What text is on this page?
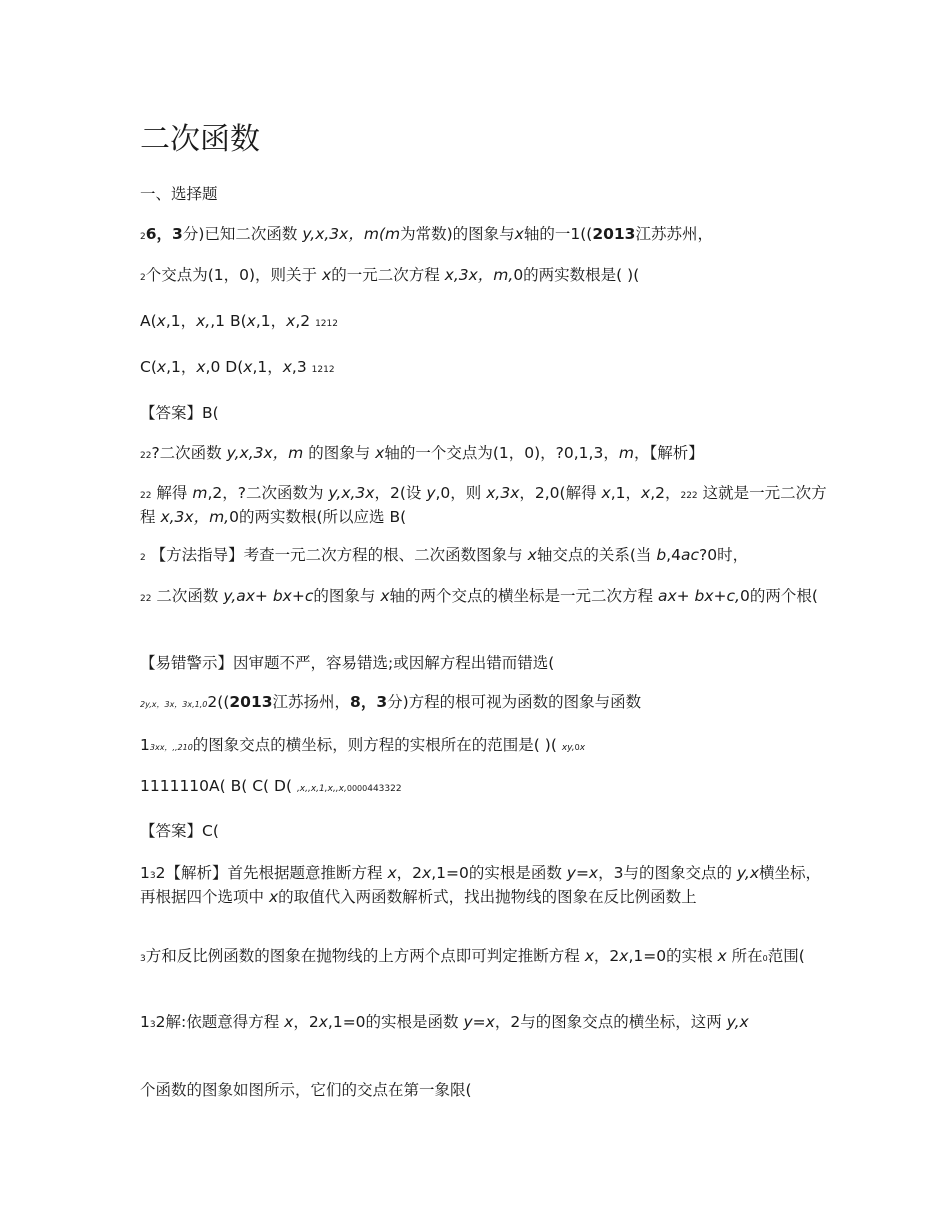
二次函数
一、选择题
26，3分)已知二次函数 y,x,3x，m(m为常数)的图象与x轴的一1((2013江苏苏州，
2个交点为(1，0)，则关于 x的一元二次方程 x,3x，m,0的两实数根是( )(
A(x,1，x,,1 B(x,1，x,2 1212
C(x,1，x,0 D(x,1，x,3 1212
【答案】B(
22?二次函数 y,x,3x，m 的图象与 x轴的一个交点为(1，0)，?0,1,3，m，【解析】
22 解得 m,2，?二次函数为 y,x,3x，2(设 y,0，则 x,3x，2,0(解得 x,1，x,2，222 这就是一元二次方程 x,3x，m,0的两实数根(所以应选 B(
2 【方法指导】考查一元二次方程的根、二次函数图象与 x轴交点的关系(当 b,4ac?0时，
22 二次函数 y,ax+ bx+c的图象与 x轴的两个交点的横坐标是一元二次方程 ax+ bx+c,0的两个根(
【易错警示】因审题不严，容易错选;或因解方程出错而错选(
2y,x，3x，3x,1,02((2013江苏扬州，8，3分)方程的根可视为函数的图象与函数
13xx，,,210的图象交点的横坐标，则方程的实根所在的范围是( )( xy,0x
1111110A( B( C( D( ,x,,x,1,x,,x,0000443322
【答案】C(
132【解析】首先根据题意推断方程 x，2x,1=0的实根是函数 y=x，3与的图象交点的 y,x横坐标，再根据四个选项中 x的取值代入两函数解析式，找出抛物线的图象在反比例函数上
3方和反比例函数的图象在抛物线的上方两个点即可判定推断方程 x，2x,1=0的实根 x 所在0范围(
132解:依题意得方程 x，2x,1=0的实根是函数 y=x，2与的图象交点的横坐标，这两 y,x
个函数的图象如图所示，它们的交点在第一象限(
